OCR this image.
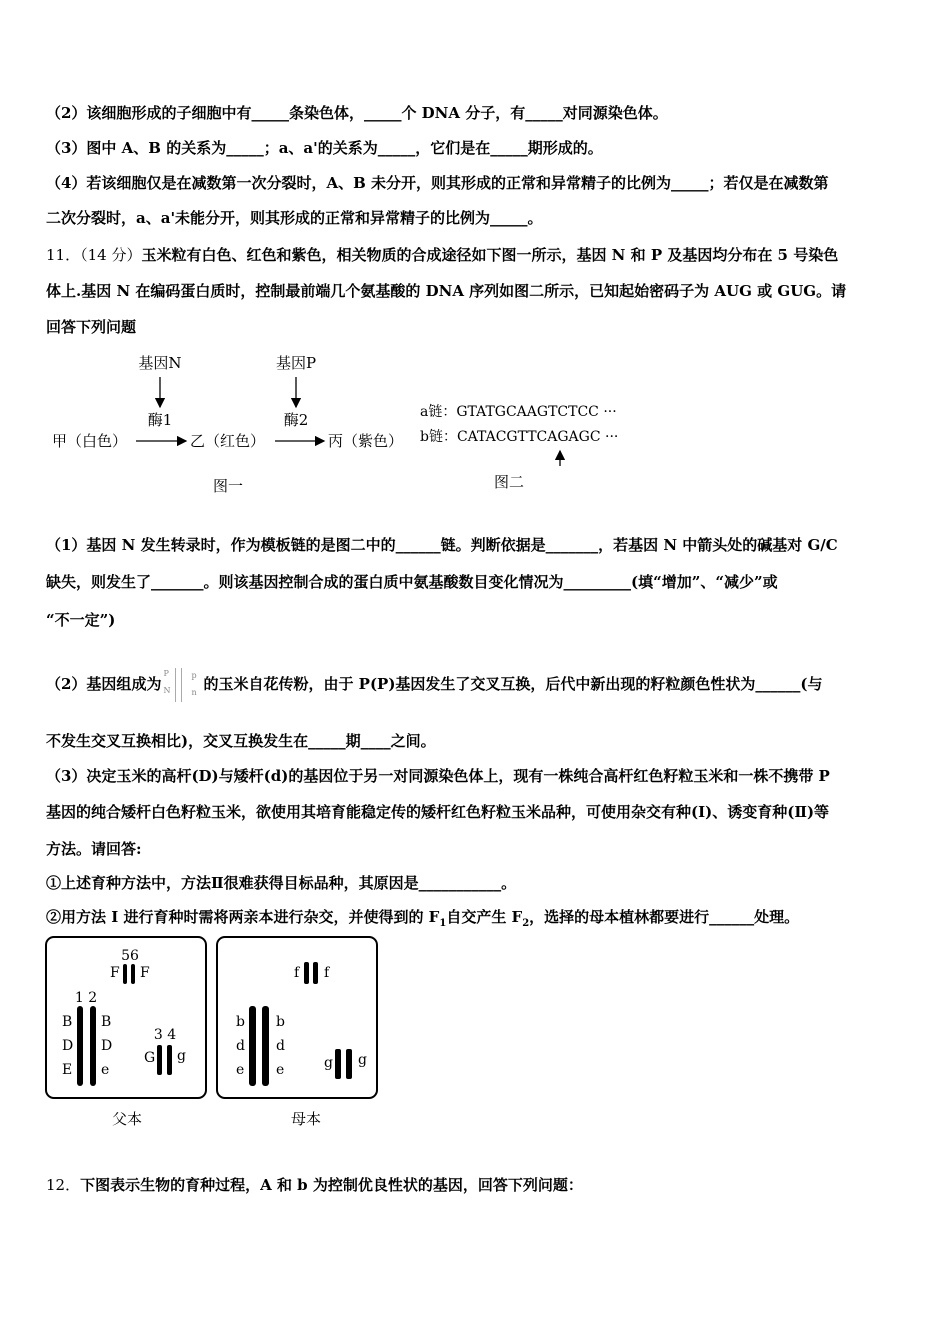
（2）该细胞形成的子细胞中有_____条染色体，_____个 DNA 分子，有_____对同源染色体。
（3）图中 A、B 的关系为_____；a、a'的关系为_____，它们是在_____期形成的。
（4）若该细胞仅是在减数第一次分裂时，A、B 未分开，则其形成的正常和异常精子的比例为_____；若仅是在减数第
二次分裂时，a、a'未能分开，则其形成的正常和异常精子的比例为_____。
11．（14 分）玉米粒有白色、红色和紫色，相关物质的合成途径如下图一所示，基因 N 和 P 及基因均分布在 5 号染色
体上.基因 N 在编码蛋白质时，控制最前端几个氨基酸的 DNA 序列如图二所示，已知起始密码子为 AUG 或 GUG。请
回答下列问题
基因N	基因P
酶1	酶2
甲（白色）	乙（红色）	丙（紫色）
图一
a链：GTATGCAAGTCTCC ···
b链：CATACGTTCAGAGC ···
图二
（1）基因 N 发生转录时，作为模板链的是图二中的______链。判断依据是_______，若基因 N 中箭头处的碱基对 G/C
缺失，则发生了_______。则该基因控制合成的蛋白质中氨基酸数目变化情况为_________(填“增加”、“减少”或
“不一定”)
（2）基因组成为
P
N
p
n 的玉米自花传粉，由于 P(P)基因发生了交叉互换，后代中新出现的籽粒颜色性状为______(与
不发生交叉互换相比)，交叉互换发生在_____期____之间。
（3）决定玉米的高杆(D)与矮杆(d)的基因位于另一对同源染色体上，现有一株纯合高杆红色籽粒玉米和一株不携带 P
基因的纯合矮杆白色籽粒玉米，欲使用其培育能稳定传的矮杆红色籽粒玉米品种，可使用杂交有种(I)、诱变育种(Ⅱ)等
方法。请回答:
①上述育种方法中，方法Ⅱ很难获得目标品种，其原因是___________。
②用方法 I 进行育种时需将两亲本进行杂交，并使得到的 $F_1$自交产生 $F_2$，选择的母本植林都要进行______处理。
56
F F
1 2
B
D
E
B
D
e
3 4
G g
f f
b
d
e
b
d
e	g g
父本	母本
12．下图表示生物的育种过程，A 和 b 为控制优良性状的基因，回答下列问题：
